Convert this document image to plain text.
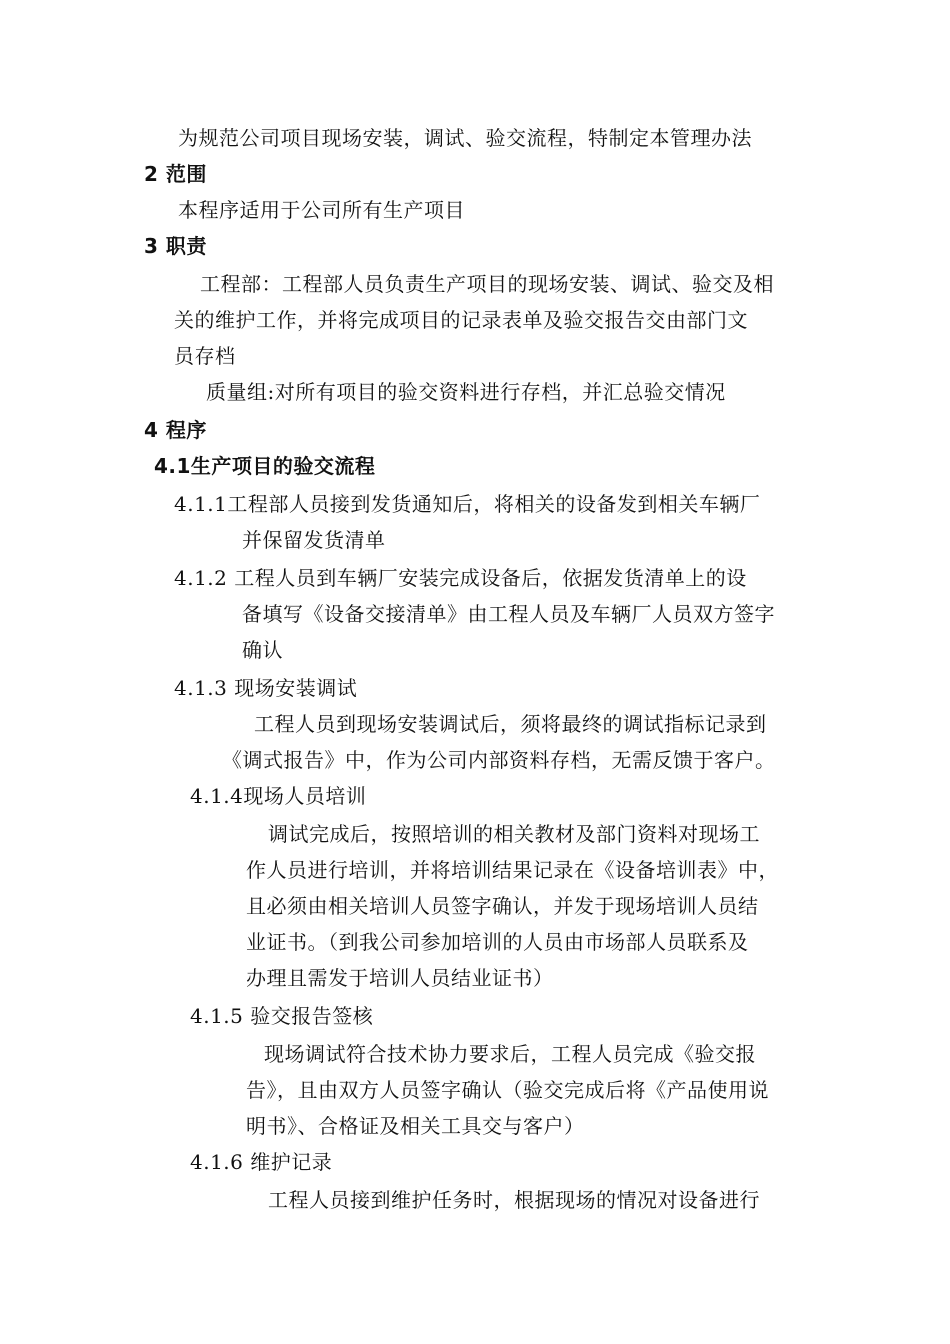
为规范公司项目现场安装，调试、验交流程，特制定本管理办法
2 范围
本程序适用于公司所有生产项目
3 职责
工程部：工程部人员负责生产项目的现场安装、调试、验交及相
关的维护工作，并将完成项目的记录表单及验交报告交由部门文
员存档
质量组:对所有项目的验交资料进行存档，并汇总验交情况
4 程序
4.1生产项目的验交流程
4.1.1工程部人员接到发货通知后，将相关的设备发到相关车辆厂
并保留发货清单
4.1.2 工程人员到车辆厂安装完成设备后，依据发货清单上的设
备填写《设备交接清单》由工程人员及车辆厂人员双方签字
确认
4.1.3 现场安装调试
工程人员到现场安装调试后，须将最终的调试指标记录到
《调式报告》中，作为公司内部资料存档，无需反馈于客户。
4.1.4现场人员培训
调试完成后，按照培训的相关教材及部门资料对现场工
作人员进行培训，并将培训结果记录在《设备培训表》中，
且必须由相关培训人员签字确认，并发于现场培训人员结
业证书。（到我公司参加培训的人员由市场部人员联系及
办理且需发于培训人员结业证书）
4.1.5 验交报告签核
现场调试符合技术协力要求后，工程人员完成《验交报
告》，且由双方人员签字确认（验交完成后将《产品使用说
明书》、合格证及相关工具交与客户）
4.1.6 维护记录
工程人员接到维护任务时，根据现场的情况对设备进行
